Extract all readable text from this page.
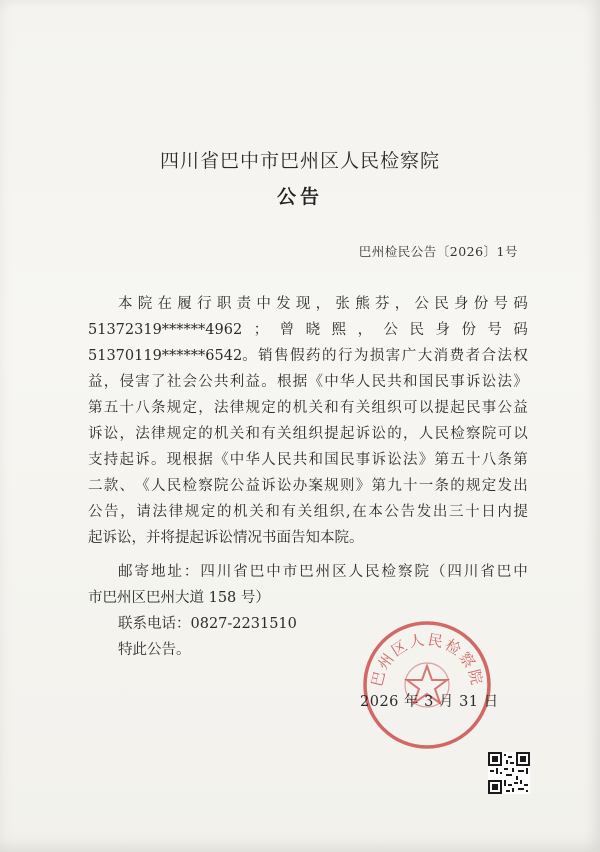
四川省巴中市巴州区人民检察院
公告
巴州检民公告〔2026〕1号
本 院 在 履 行 职 责 中 发 现 ， 张 熊 芬 ， 公 民 身 份 号 码
51372319******4962 ； 曾 晓 熙 ， 公 民 身 份 号 码
51370119******6542。 销 售 假 药 的 行 为 损 害 广 大 消 费 者 合 法 权
益 ， 侵 害 了 社 会 公 共 利 益 。 根 据 《 中 华 人 民 共 和 国 民 事 诉 讼 法 》
第 五 十 八 条 规 定 ， 法 律 规 定 的 机 关 和 有 关 组 织 可 以 提 起 民 事 公 益
诉 讼 ， 法 律 规 定 的 机 关 和 有 关 组 织 提 起 诉 讼 的 ， 人 民 检 察 院 可 以
支 持 起 诉 。 现 根 据 《 中 华 人 民 共 和 国 民 事 诉 讼 法 》 第 五 十 八 条 第
二 款 、 《 人 民 检 察 院 公 益 诉 讼 办 案 规 则 》 第 九 十 一 条 的 规 定 发 出
公 告 ， 请 法 律 规 定 的 机 关 和 有 关 组 织 , 在 本 公 告 发 出 三 十 日 内 提
起诉讼，并将提起诉讼情况书面告知本院。
邮 寄 地 址 ： 四 川 省 巴 中 市 巴 州 区 人 民 检 察 院 （ 四 川 省 巴 中
市巴州区巴州大道 158 号）
联系电话：0827-2231510
特此公告。
巴州区人民检察院
2026 年 3 月 31 日
